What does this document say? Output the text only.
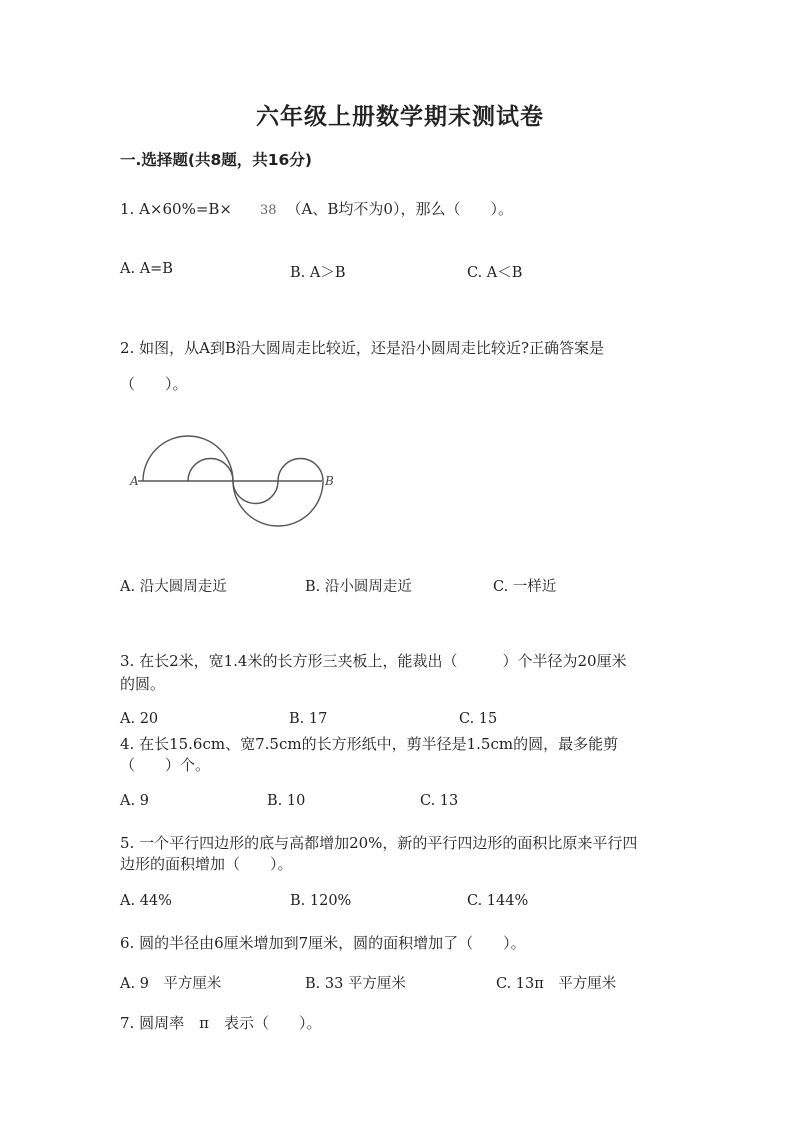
六年级上册数学期末测试卷
一.选择题(共8题，共16分)
1. A×60%=B× 38 （A、B均不为0），那么（　　）。
A. A=B	B. A＞B	C. A＜B
2. 如图，从A到B沿大圆周走比较近，还是沿小圆周走比较近?正确答案是
（　　）。
A	B
A. 沿大圆周走近	B. 沿小圆周走近	C. 一样近
3. 在长2米，宽1.4米的长方形三夹板上，能裁出（　　　）个半径为20厘米
的圆。
A. 20	B. 17	C. 15
4. 在长15.6cm、宽7.5cm的长方形纸中，剪半径是1.5cm的圆，最多能剪
（　　）个。
A. 9	B. 10	C. 13
5. 一个平行四边形的底与高都增加20%，新的平行四边形的面积比原来平行四
边形的面积增加（　　）。
A. 44%	B. 120%	C. 144%
6. 圆的半径由6厘米增加到7厘米，圆的面积增加了（　　）。
A. 9　平方厘米	B. 33 平方厘米	C. 13π　平方厘米
7. 圆周率　π　表示（　　）。
